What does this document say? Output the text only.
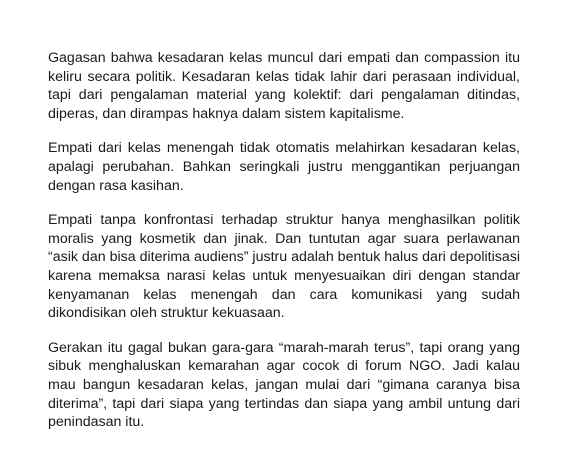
Gagasan bahwa kesadaran kelas muncul dari empati dan compassion itu keliru secara politik. Kesadaran kelas tidak lahir dari perasaan individual, tapi dari pengalaman material yang kolektif: dari pengalaman ditindas, diperas, dan dirampas haknya dalam sistem kapitalisme.

Empati dari kelas menengah tidak otomatis melahirkan kesadaran kelas, apalagi perubahan. Bahkan seringkali justru menggantikan perjuangan dengan rasa kasihan.

Empati tanpa konfrontasi terhadap struktur hanya menghasilkan politik moralis yang kosmetik dan jinak. Dan tuntutan agar suara perlawanan “asik dan bisa diterima audiens” justru adalah bentuk halus dari depolitisasi karena memaksa narasi kelas untuk menyesuaikan diri dengan standar kenyamanan kelas menengah dan cara komunikasi yang sudah dikondisikan oleh struktur kekuasaan.

Gerakan itu gagal bukan gara-gara “marah-marah terus”, tapi orang yang sibuk menghaluskan kemarahan agar cocok di forum NGO. Jadi kalau mau bangun kesadaran kelas, jangan mulai dari “gimana caranya bisa diterima”, tapi dari siapa yang tertindas dan siapa yang ambil untung dari penindasan itu.
